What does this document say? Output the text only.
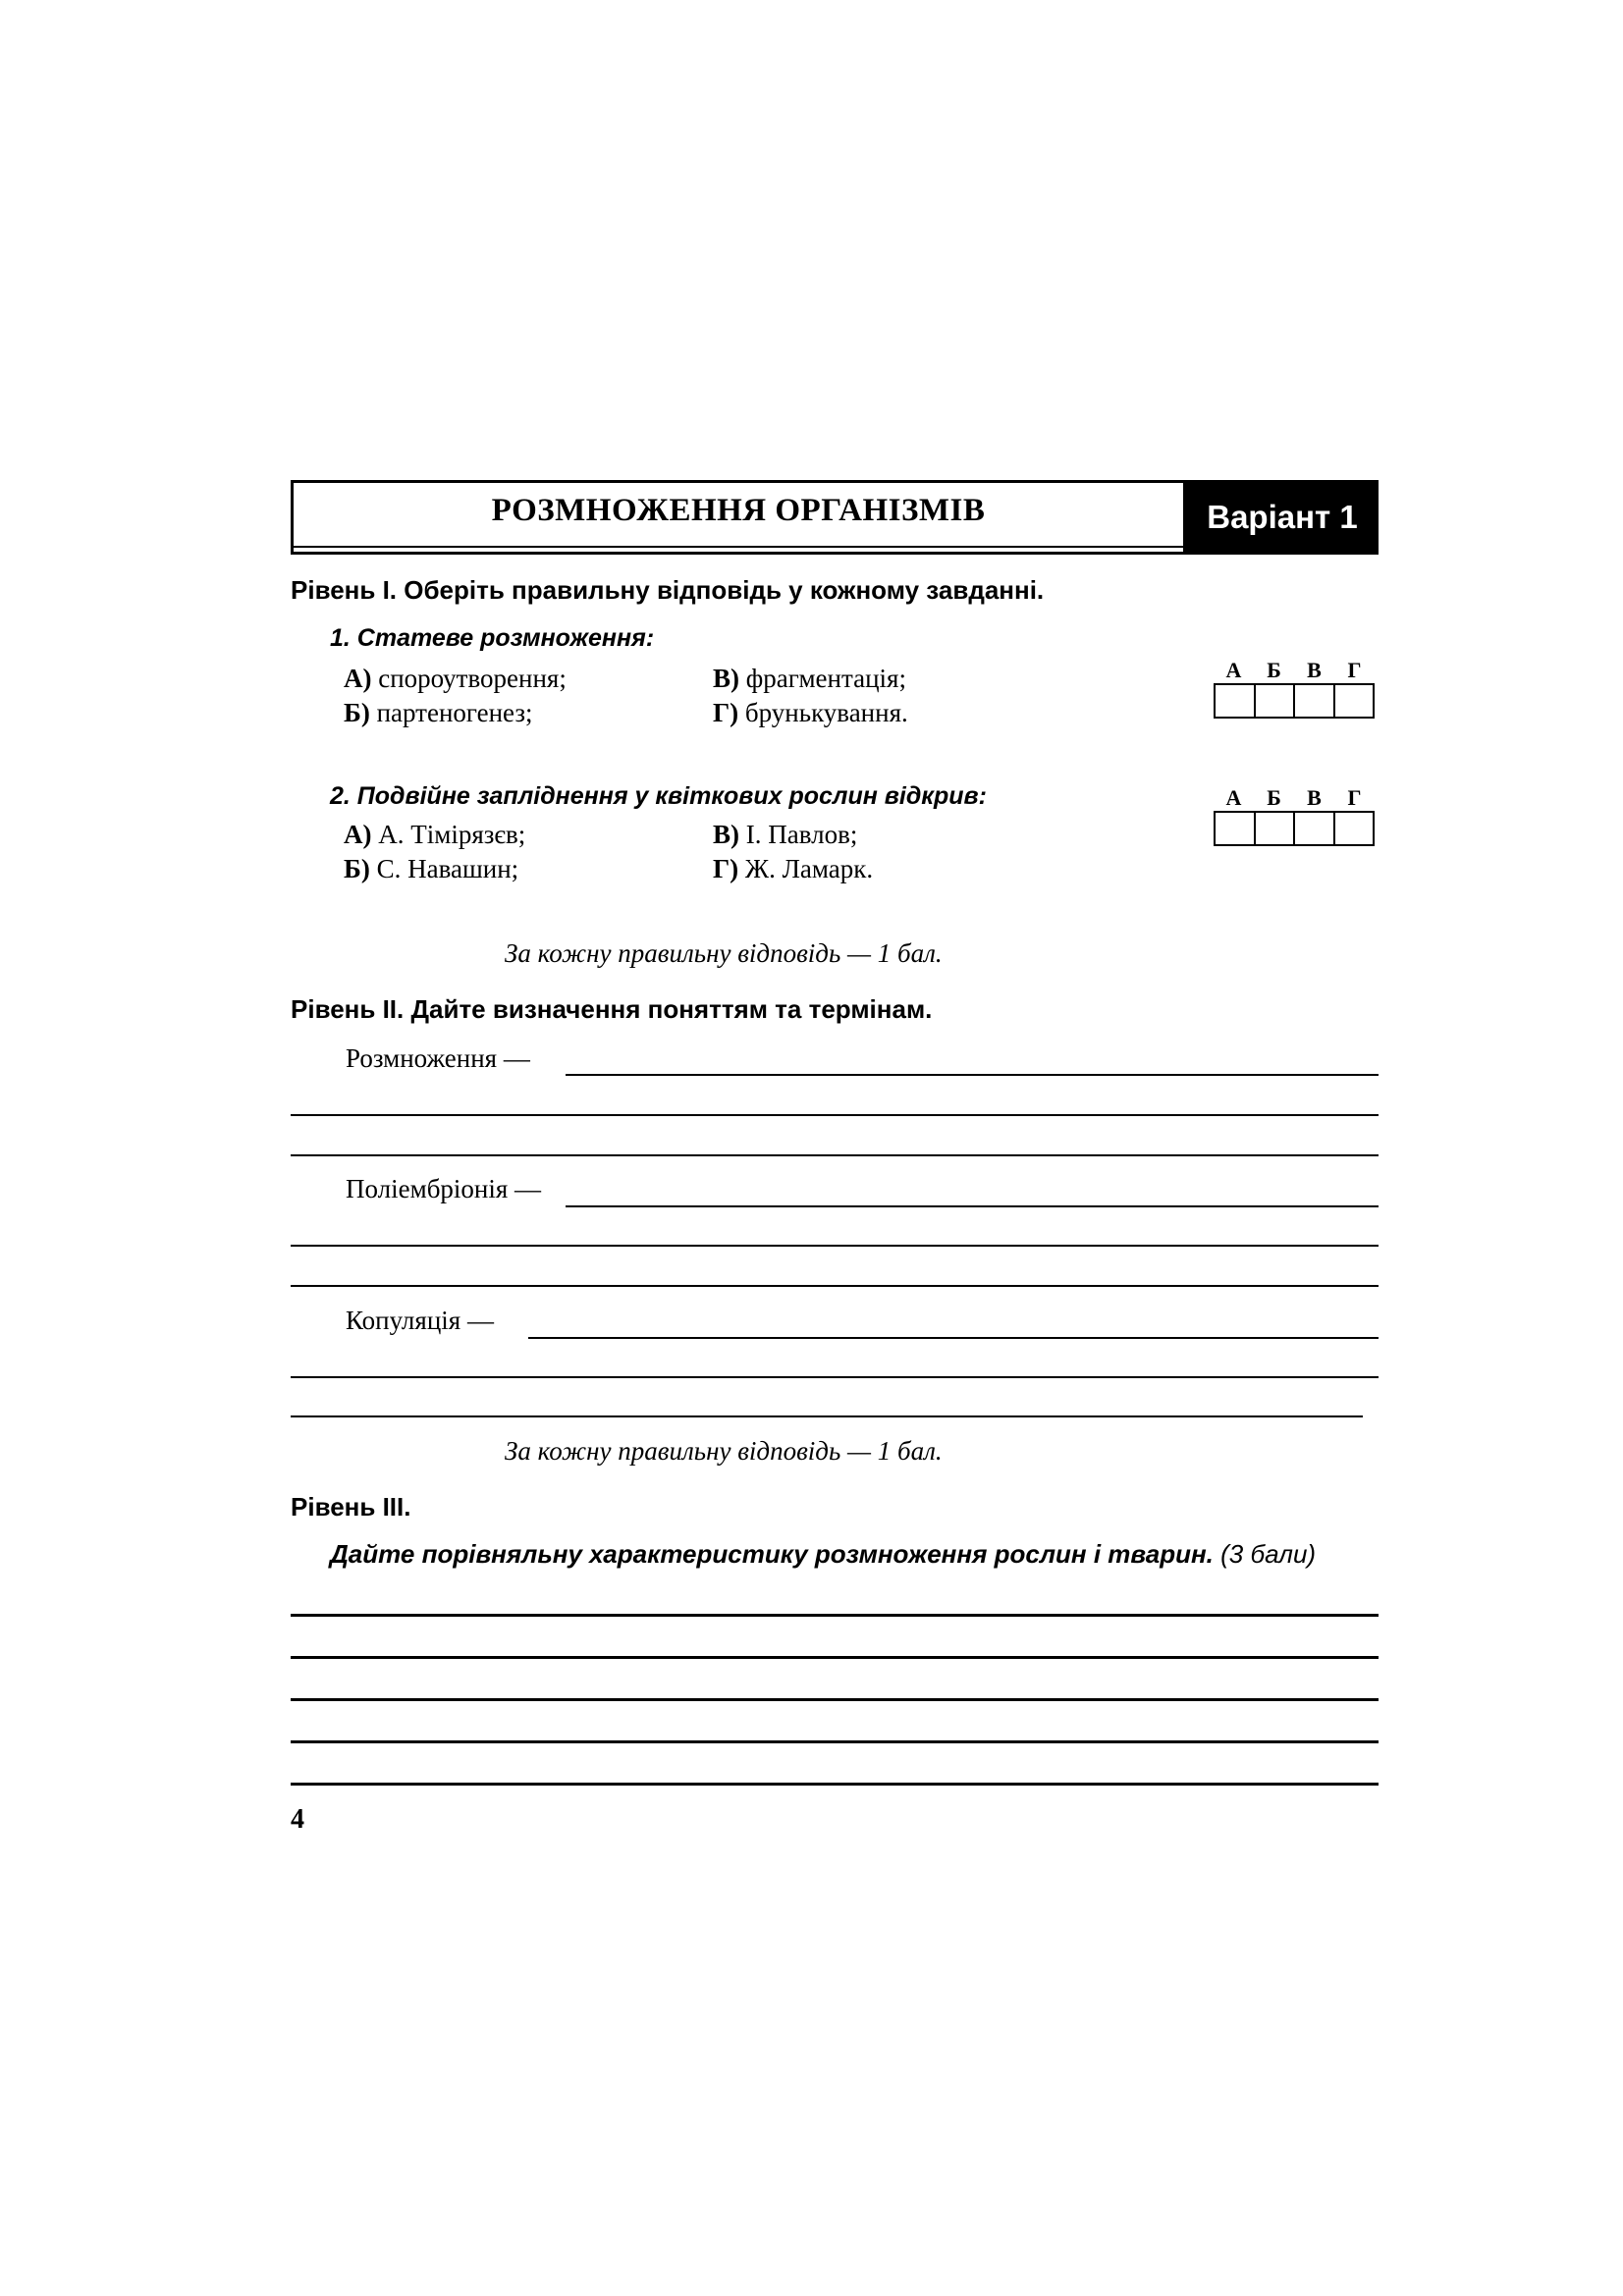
РОЗМНОЖЕННЯ ОРГАНІЗМІВ	Варіант 1
Рівень І. Оберіть правильну відповідь у кожному завданні.
1. Статеве розмноження:
А) спороутворення;
Б) партеногенез;
В) фрагментація;
Г) брунькування.
А	Б	В	Г
2. Подвійне запліднення у квіткових рослин відкрив:
А) А. Тімірязєв;
Б) С. Навашин;
В) І. Павлов;
Г) Ж. Ламарк.
А	Б	В	Г
За кожну правильну відповідь — 1 бал.
Рівень ІІ. Дайте визначення поняттям та термінам.
Розмноження —
Поліембріонія —
Копуляція —
За кожну правильну відповідь — 1 бал.
Рівень ІІІ.
Дайте порівняльну характеристику розмноження рослин і тварин. (3 бали)
4
